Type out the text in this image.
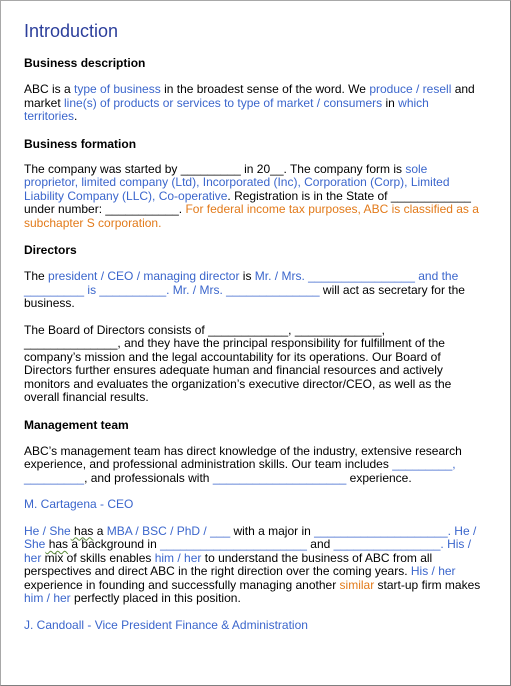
Introduction
Business description

ABC is a type of business in the broadest sense of the word. We produce / resell and market line(s) of products or services to type of market / consumers in which territories.

Business formation

The company was started by _________ in 20__. The company form is sole proprietor, limited company (Ltd), Incorporated (Inc), Corporation (Corp), Limited Liability Company (LLC), Co-operative. Registration is in the State of ____________ under number: ___________. For federal income tax purposes, ABC is classified as a subchapter S corporation.

Directors

The president / CEO / managing director is Mr. / Mrs. ________________ and the _________ is __________. Mr. / Mrs. ______________ will act as secretary for the business.

The Board of Directors consists of ____________, _____________, ______________, and they have the principal responsibility for fulfillment of the company’s mission and the legal accountability for its operations. Our Board of Directors further ensures adequate human and financial resources and actively monitors and evaluates the organization’s executive director/CEO, as well as the overall financial results.

Management team

ABC’s management team has direct knowledge of the industry, extensive research experience, and professional administration skills. Our team includes _________, _________, and professionals with ____________________ experience.

M. Cartagena - CEO

He / She has a MBA / BSC / PhD / ___ with a major in ____________________. He / She has a background in ______________________ and ________________. His / her mix of skills enables him / her to understand the business of ABC from all perspectives and direct ABC in the right direction over the coming years. His / her experience in founding and successfully managing another similar start-up firm makes him / her perfectly placed in this position.

J. Candoall - Vice President Finance & Administration
